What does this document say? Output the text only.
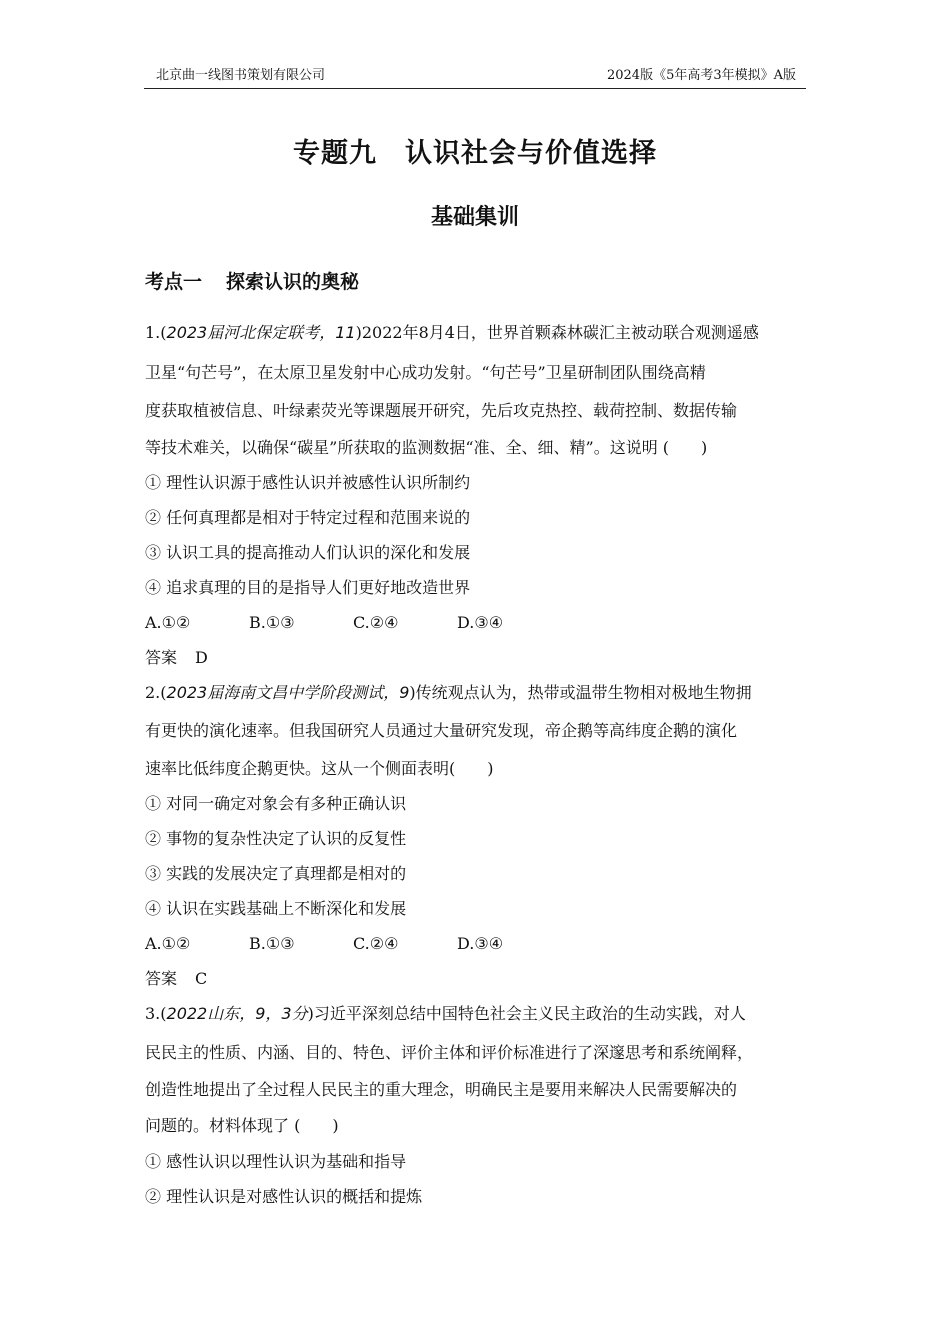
北京曲一线图书策划有限公司	2024版《5年高考3年模拟》A版
专题九 认识社会与价值选择
基础集训
考点一 探索认识的奥秘
1.(2023届河北保定联考，11)2022年8月4日，世界首颗森林碳汇主被动联合观测遥感
卫星“句芒号”，在太原卫星发射中心成功发射。“句芒号”卫星研制团队围绕高精
度获取植被信息、叶绿素荧光等课题展开研究，先后攻克热控、载荷控制、数据传输
等技术难关，以确保“碳星”所获取的监测数据“准、全、细、精”。这说明 (　　)
① 理性认识源于感性认识并被感性认识所制约
② 任何真理都是相对于特定过程和范围来说的
③ 认识工具的提高推动人们认识的深化和发展
④ 追求真理的目的是指导人们更好地改造世界
A.①②	B.①③	C.②④	D.③④
答案 D
2.(2023届海南文昌中学阶段测试，9)传统观点认为，热带或温带生物相对极地生物拥
有更快的演化速率。但我国研究人员通过大量研究发现，帝企鹅等高纬度企鹅的演化
速率比低纬度企鹅更快。这从一个侧面表明(　　)
① 对同一确定对象会有多种正确认识
② 事物的复杂性决定了认识的反复性
③ 实践的发展决定了真理都是相对的
④ 认识在实践基础上不断深化和发展
A.①②	B.①③	C.②④	D.③④
答案 C
3.(2022山东，9，3分)习近平深刻总结中国特色社会主义民主政治的生动实践，对人
民民主的性质、内涵、目的、特色、评价主体和评价标准进行了深邃思考和系统阐释，
创造性地提出了全过程人民民主的重大理念，明确民主是要用来解决人民需要解决的
问题的。材料体现了 (　　)
① 感性认识以理性认识为基础和指导
② 理性认识是对感性认识的概括和提炼
